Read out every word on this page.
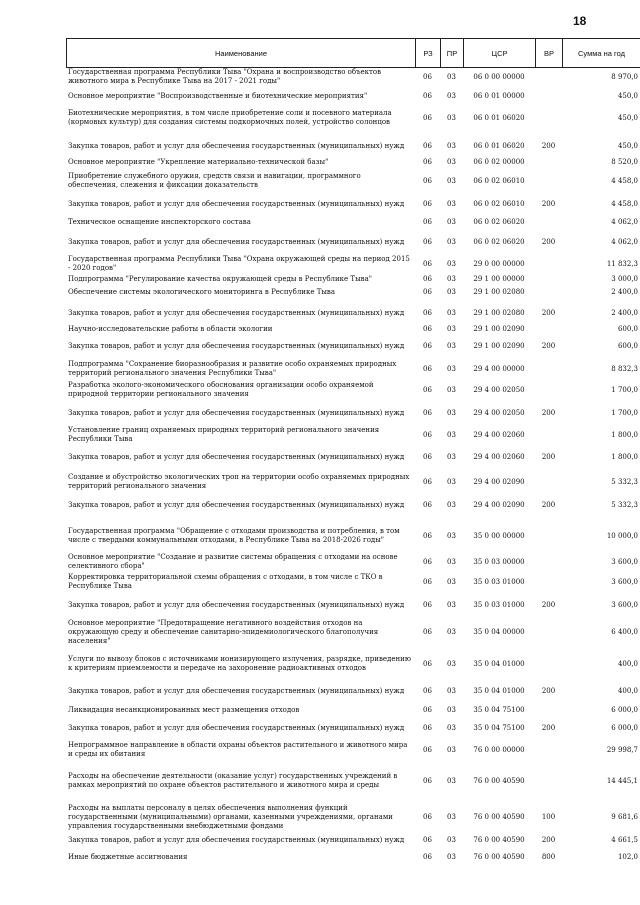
18
Наименование	РЗ	ПР	ЦСР	ВР	Сумма на год
Государственная программа Республики Тыва "Охрана и воспроизводство объектов животного мира в Республике Тыва на 2017 - 2021 годы"
06	03	06 0 00 00000	8 970,0
Основное мероприятие "Воспроизводственные и биотехнические мероприятия"	06	03	06 0 01 00000	450,0
Биотехнические мероприятия, в том числе приобретение соли и посевного материала (кормовых культур) для создания системы подкормочных полей, устройство солонцов
06	03	06 0 01 06020	450,0
Закупка товаров, работ и услуг для обеспечения государственных (муниципальных) нужд	06	03	06 0 01 06020	200	450,0
Основное мероприятие "Укрепление материально-технической базы"	06	03	06 0 02 00000	8 520,0
Приобретение служебного оружия, средств связи и навигации, программного обеспечения, слежения и фиксации доказательств
06	03	06 0 02 06010	4 458,0
Закупка товаров, работ и услуг для обеспечения государственных (муниципальных) нужд	06	03	06 0 02 06010	200	4 458,0
Техническое оснащение инспекторского состава	06	03	06 0 02 06020	4 062,0
Закупка товаров, работ и услуг для обеспечения государственных (муниципальных) нужд	06	03	06 0 02 06020	200	4 062,0
Государственная программа Республики Тыва "Охрана окружающей среды на период 2015 - 2020 годов"
06	03	29 0 00 00000	11 832,3
Подпрограмма "Регулирование качества окружающей среды в Республике Тыва"	06	03	29 1 00 00000	3 000,0
Обеспечение системы экологического мониторинга в Республике Тыва	06	03	29 1 00 02080	2 400,0
Закупка товаров, работ и услуг для обеспечения государственных (муниципальных) нужд	06	03	29 1 00 02080	200	2 400,0
Научно-исследовательские работы в области экологии	06	03	29 1 00 02090	600,0
Закупка товаров, работ и услуг для обеспечения государственных (муниципальных) нужд	06	03	29 1 00 02090	200	600,0
Подпрограмма "Сохранение биоразнообразия и развитие особо охраняемых природных территорий регионального значения Республики Тыва"
06	03	29 4 00 00000	8 832,3
Разработка эколого-экономического обоснования организации особо охраняемой природной территории регионального значения
06	03	29 4 00 02050	1 700,0
Закупка товаров, работ и услуг для обеспечения государственных (муниципальных) нужд	06	03	29 4 00 02050	200	1 700,0
Установление границ охраняемых природных территорий регионального значения Республики Тыва
06	03	29 4 00 02060	1 800,0
Закупка товаров, работ и услуг для обеспечения государственных (муниципальных) нужд	06	03	29 4 00 02060	200	1 800,0
Создание и обустройство экологических троп на территории особо охраняемых природных территорий регионального значения
06	03	29 4 00 02090	5 332,3
Закупка товаров, работ и услуг для обеспечения государственных (муниципальных) нужд	06	03	29 4 00 02090	200	5 332,3
Государственная программа "Обращение с отходами производства и потребления, в том числе с твердыми коммунальными отходами, в Республике Тыва на 2018-2026 годы"
06	03	35 0 00 00000	10 000,0
Основное мероприятие "Создание и развитие системы обращения с отходами на основе селективного сбора"
06	03	35 0 03 00000	3 600,0
Корректировка территориальной схемы обращения с отходами, в том числе с ТКО в Республике Тыва
06	03	35 0 03 01000	3 600,0
Закупка товаров, работ и услуг для обеспечения государственных (муниципальных) нужд	06	03	35 0 03 01000	200	3 600,0
Основное мероприятие "Предотвращение негативного воздействия отходов на окружающую среду и обеспечение санитарно-эпидемиологического благополучия населения"
06	03	35 0 04 00000	6 400,0
Услуги по вывозу блоков с источниками ионизирующего излучения, разрядке, приведению к критериям приемлемости и передаче на захоронение радиоактивных отходов
06	03	35 0 04 01000	400,0
Закупка товаров, работ и услуг для обеспечения государственных (муниципальных) нужд	06	03	35 0 04 01000	200	400,0
Ликвидация несанкционированных мест размещения отходов	06	03	35 0 04 75100	6 000,0
Закупка товаров, работ и услуг для обеспечения государственных (муниципальных) нужд	06	03	35 0 04 75100	200	6 000,0
Непрограммное направление в области охраны объектов растительного и животного мира и среды их обитания
06	03	76 0 00 00000	29 998,7
Расходы на обеспечение деятельности (оказание услуг) государственных учреждений в рамках мероприятий по охране объектов растительного и животного мира и среды
06	03	76 0 00 40590	14 445,1
Расходы на выплаты персоналу в целях обеспечения выполнения функций государственными (муниципальными) органами, казенными учреждениями, органами управления государственными внебюджетными фондами
06	03	76 0 00 40590	100	9 681,6
Закупка товаров, работ и услуг для обеспечения государственных (муниципальных) нужд	06	03	76 0 00 40590	200	4 661,5
Иные бюджетные ассигнования	06	03	76 0 00 40590	800	102,0
